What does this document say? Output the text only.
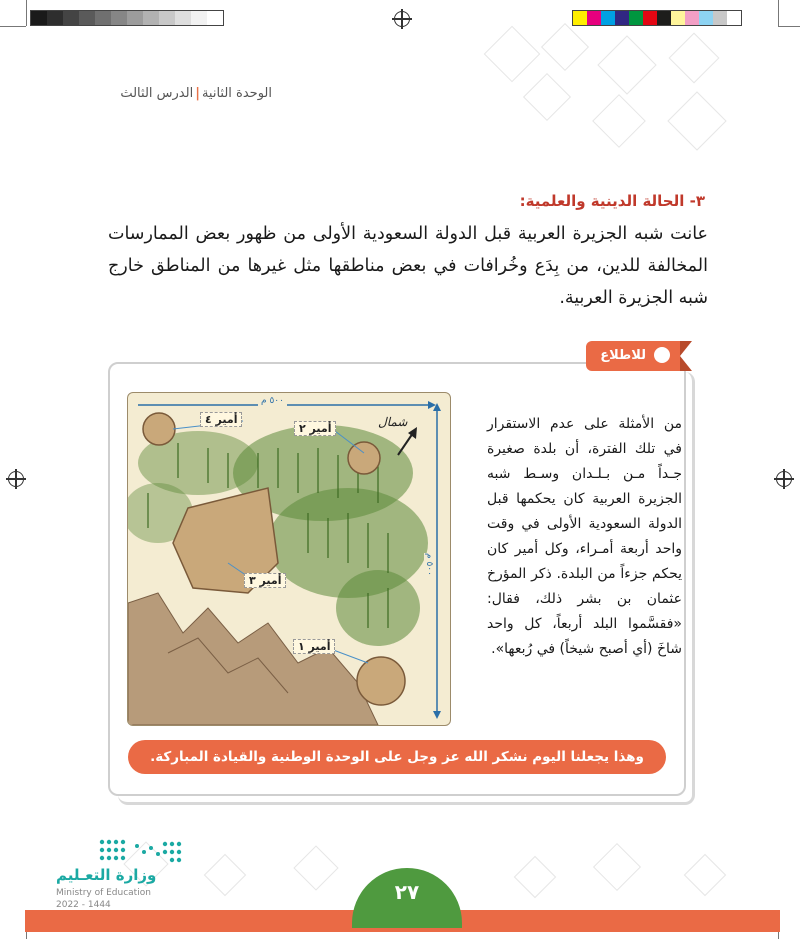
الوحدة الثانية|الدرس الثالث
٣- الحالة الدينية والعلمية:
عانت شبه الجزيرة العربية قبل الدولة السعودية الأولى من ظهور بعض الممارسات المخالفة للدين، من بِدَع وخُرافات في بعض مناطقها مثل غيرها من المناطق خارج شبه الجزيرة العربية.
للاطلاع
من الأمثلة على عدم الاستقرار في تلك الفترة، أن بلدة صغيرة جـداً مـن بـلـدان وسـط شبه الجزيرة العربية كان يحكمها قبل الدولة السعودية الأولى في وقت واحد أربعة أمـراء، وكل أمير كان يحكم جزءاً من البلدة. ذكر المؤرخ عثمان بن بشر ذلك، فقال: «فقسَّموا البلد أربعاً، كل واحد شاخَ (أي أصبح شيخاً) في رُبعها».
٥٠٠ م
٥٠٠ م
شمال
أمير ٤
أمير ٢
أمير ٣
أمير ١
وهذا يجعلنا اليوم نشكر الله عز وجل على الوحدة الوطنية والقيادة المباركة.
وزارة التعـليم
Ministry of Education
2022 - 1444
٢٧
